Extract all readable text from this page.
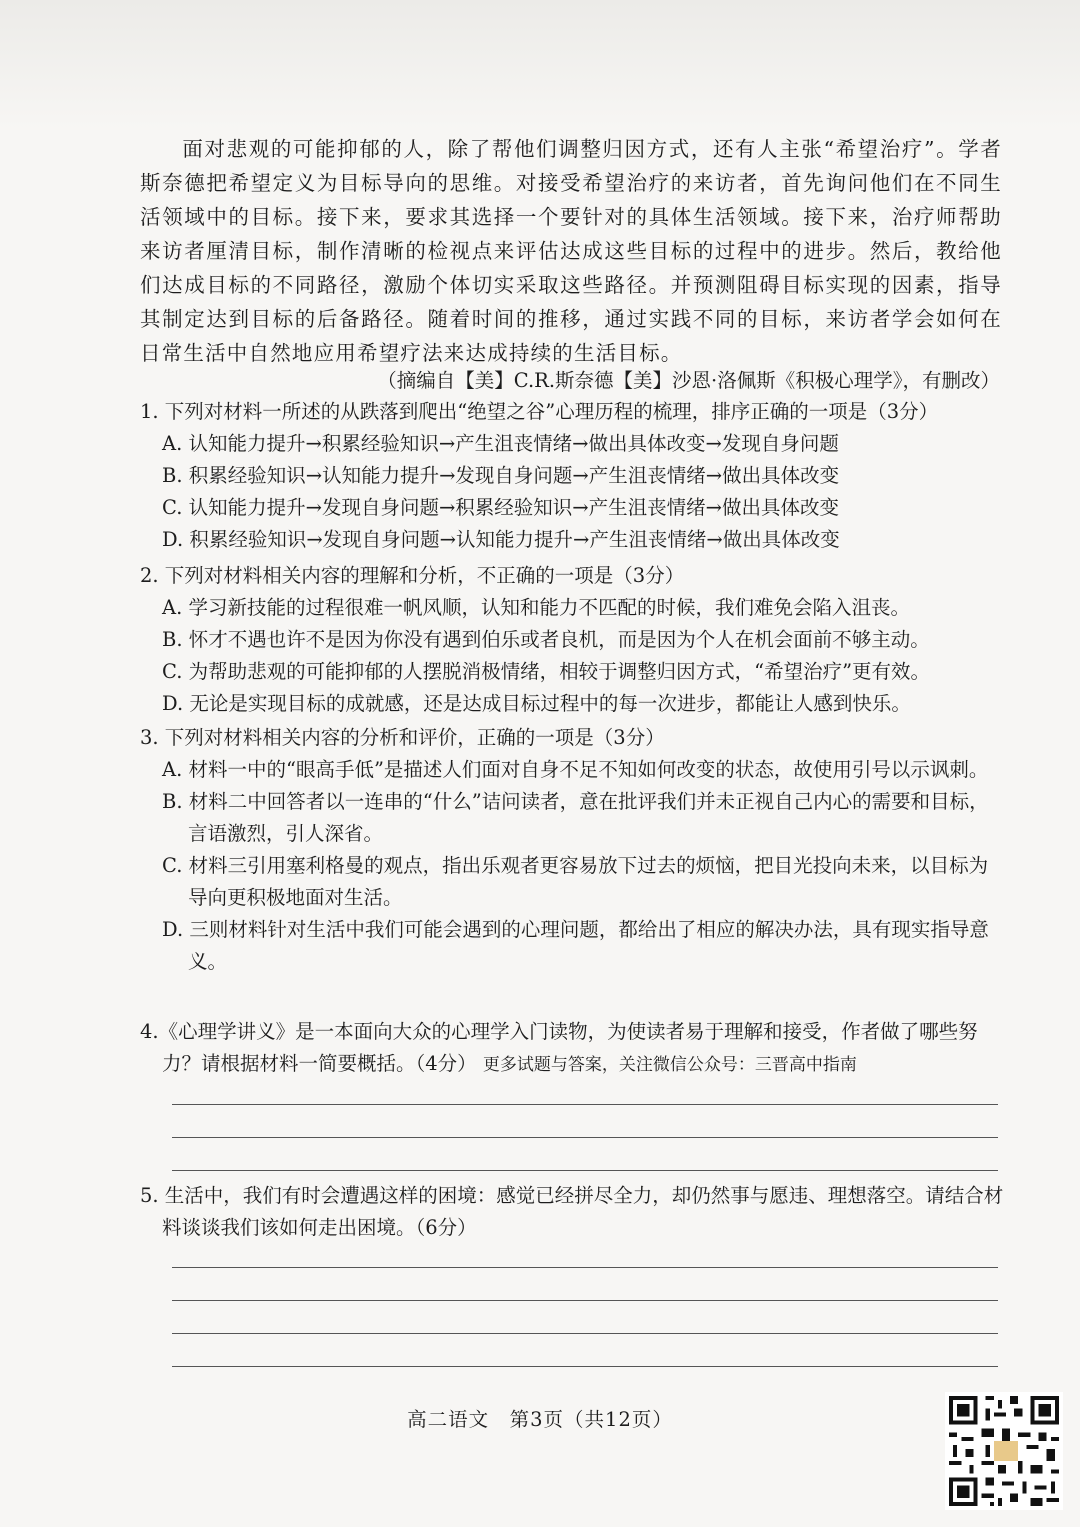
面对悲观的可能抑郁的人，除了帮他们调整归因方式，还有人主张“希望治疗”。学者斯奈德把希望定义为目标导向的思维。对接受希望治疗的来访者，首先询问他们在不同生活领域中的目标。接下来，要求其选择一个要针对的具体生活领域。接下来，治疗师帮助来访者厘清目标，制作清晰的检视点来评估达成这些目标的过程中的进步。然后，教给他们达成目标的不同路径，激励个体切实采取这些路径。并预测阻碍目标实现的因素，指导其制定达到目标的后备路径。随着时间的推移，通过实践不同的目标，来访者学会如何在日常生活中自然地应用希望疗法来达成持续的生活目标。

（摘编自【美】C.R.斯奈德【美】沙恩·洛佩斯《积极心理学》，有删改）

1. 下列对材料一所述的从跌落到爬出“绝望之谷”心理历程的梳理，排序正确的一项是（3分）

A. 认知能力提升→积累经验知识→产生沮丧情绪→做出具体改变→发现自身问题

B. 积累经验知识→认知能力提升→发现自身问题→产生沮丧情绪→做出具体改变

C. 认知能力提升→发现自身问题→积累经验知识→产生沮丧情绪→做出具体改变

D. 积累经验知识→发现自身问题→认知能力提升→产生沮丧情绪→做出具体改变

2. 下列对材料相关内容的理解和分析，不正确的一项是（3分）

A. 学习新技能的过程很难一帆风顺，认知和能力不匹配的时候，我们难免会陷入沮丧。

B. 怀才不遇也许不是因为你没有遇到伯乐或者良机，而是因为个人在机会面前不够主动。

C. 为帮助悲观的可能抑郁的人摆脱消极情绪，相较于调整归因方式，“希望治疗”更有效。

D. 无论是实现目标的成就感，还是达成目标过程中的每一次进步，都能让人感到快乐。

3. 下列对材料相关内容的分析和评价，正确的一项是（3分）

A. 材料一中的“眼高手低”是描述人们面对自身不足不知如何改变的状态，故使用引号以示讽刺。

B. 材料二中回答者以一连串的“什么”诘问读者，意在批评我们并未正视自己内心的需要和目标，言语激烈，引人深省。

C. 材料三引用塞利格曼的观点，指出乐观者更容易放下过去的烦恼，把目光投向未来，以目标为导向更积极地面对生活。

D. 三则材料针对生活中我们可能会遇到的心理问题，都给出了相应的解决办法，具有现实指导意义。

4.《心理学讲义》是一本面向大众的心理学入门读物，为使读者易于理解和接受，作者做了哪些努力？请根据材料一简要概括。（4分） 更多试题与答案，关注微信公众号：三晋高中指南

5. 生活中，我们有时会遭遇这样的困境：感觉已经拼尽全力，却仍然事与愿违、理想落空。请结合材料谈谈我们该如何走出困境。（6分）

高二语文　第3页（共12页）
